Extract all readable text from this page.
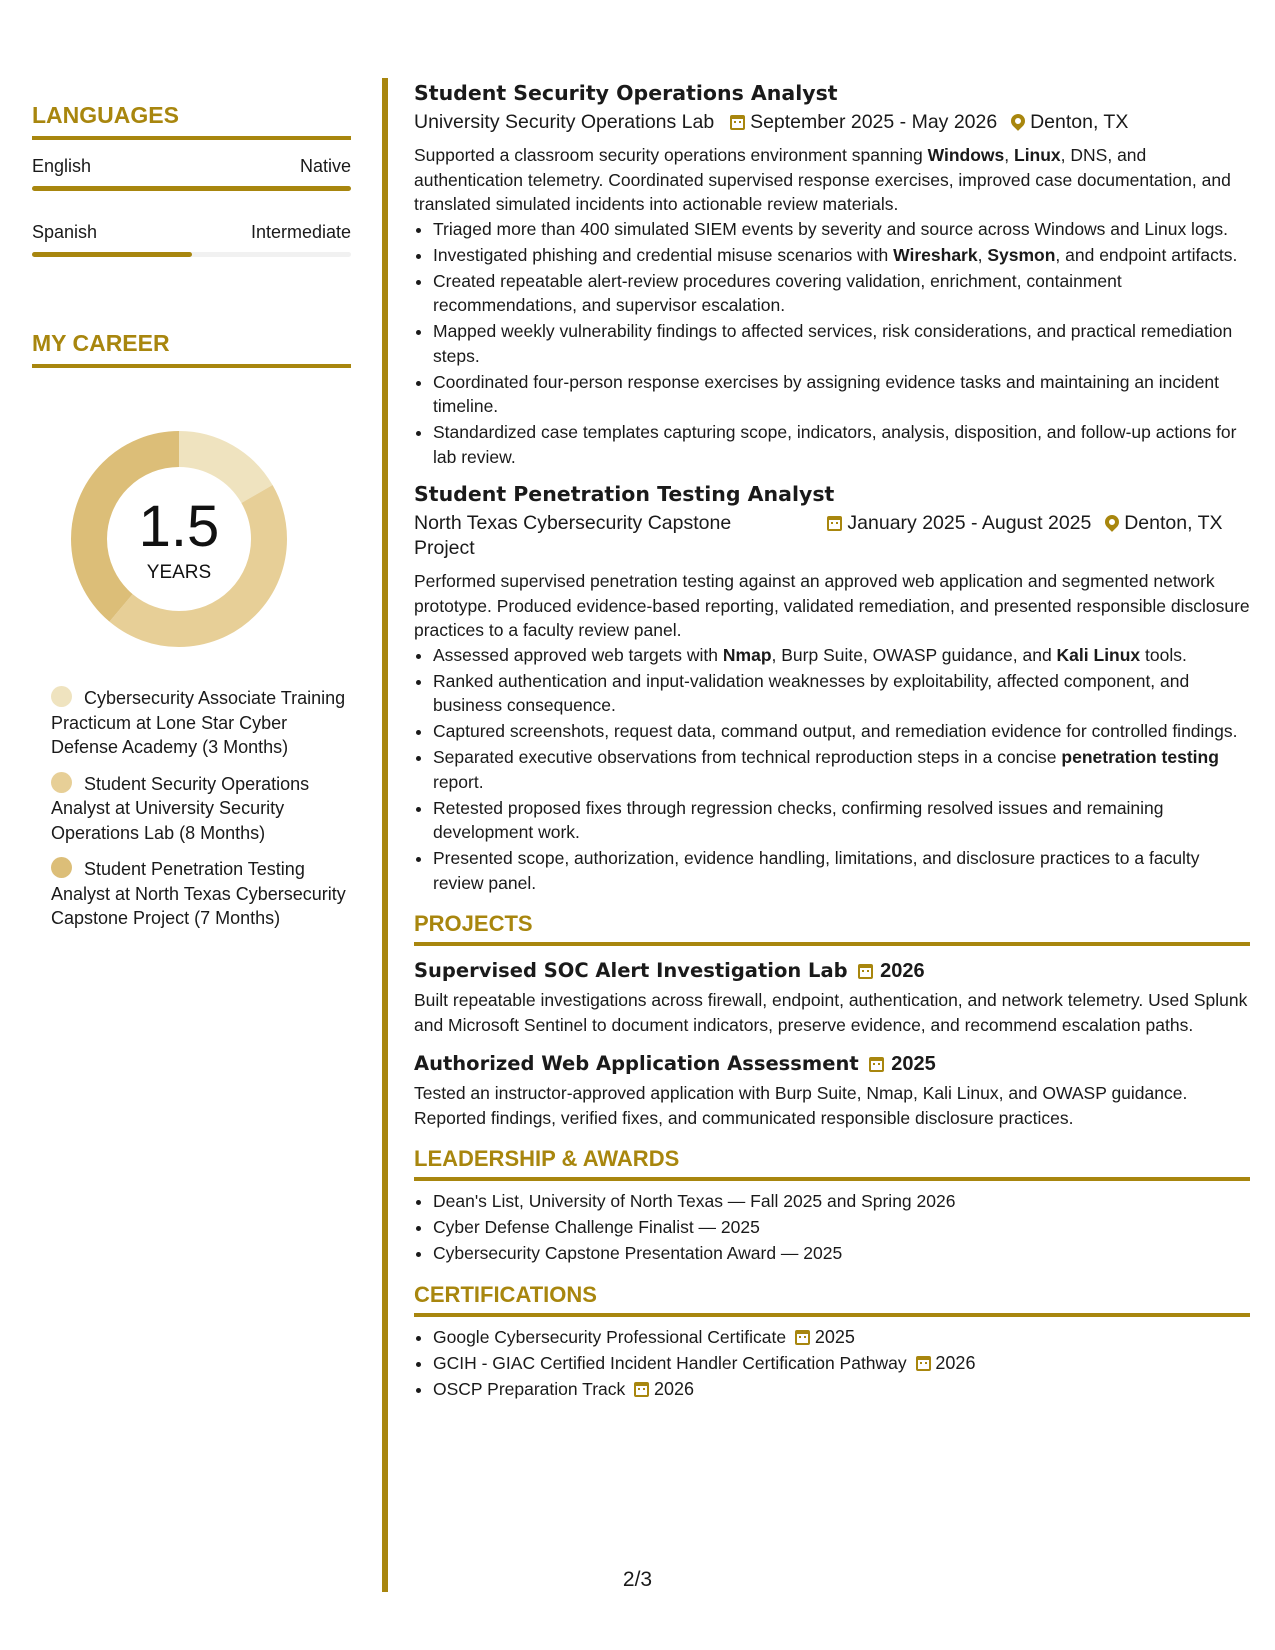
LANGUAGES
English	Native
Spanish	Intermediate
MY CAREER
1.5
YEARS
Cybersecurity Associate Training Practicum at Lone Star Cyber Defense Academy (3 Months)
Student Security Operations Analyst at University Security Operations Lab (8 Months)
Student Penetration Testing Analyst at North Texas Cybersecurity Capstone Project (7 Months)
Student Security Operations Analyst
University Security Operations Lab September 2025 - May 2026 Denton, TX

Supported a classroom security operations environment spanning Windows, Linux, DNS, and authentication telemetry. Coordinated supervised response exercises, improved case documentation, and translated simulated incidents into actionable review materials.

• Triaged more than 400 simulated SIEM events by severity and source across Windows and Linux logs.
• Investigated phishing and credential misuse scenarios with Wireshark, Sysmon, and endpoint artifacts.
• Created repeatable alert-review procedures covering validation, enrichment, containment recommendations, and supervisor escalation.
• Mapped weekly vulnerability findings to affected services, risk considerations, and practical remediation steps.
• Coordinated four-person response exercises by assigning evidence tasks and maintaining an incident timeline.
• Standardized case templates capturing scope, indicators, analysis, disposition, and follow-up actions for lab review.
Student Penetration Testing Analyst
North Texas Cybersecurity Capstone Project
January 2025 - August 2025 Denton, TX

Performed supervised penetration testing against an approved web application and segmented network prototype. Produced evidence-based reporting, validated remediation, and presented responsible disclosure practices to a faculty review panel.

• Assessed approved web targets with Nmap, Burp Suite, OWASP guidance, and Kali Linux tools.
• Ranked authentication and input-validation weaknesses by exploitability, affected component, and business consequence.
• Captured screenshots, request data, command output, and remediation evidence for controlled findings.
• Separated executive observations from technical reproduction steps in a concise penetration testing report.
• Retested proposed fixes through regression checks, confirming resolved issues and remaining development work.
• Presented scope, authorization, evidence handling, limitations, and disclosure practices to a faculty review panel.
PROJECTS
Supervised SOC Alert Investigation Lab 2026

Built repeatable investigations across firewall, endpoint, authentication, and network telemetry. Used Splunk and Microsoft Sentinel to document indicators, preserve evidence, and recommend escalation paths.

Authorized Web Application Assessment 2025

Tested an instructor-approved application with Burp Suite, Nmap, Kali Linux, and OWASP guidance. Reported findings, verified fixes, and communicated responsible disclosure practices.

LEADERSHIP & AWARDS
• Dean's List, University of North Texas — Fall 2025 and Spring 2026
• Cyber Defense Challenge Finalist — 2025
• Cybersecurity Capstone Presentation Award — 2025
CERTIFICATIONS
• Google Cybersecurity Professional Certificate 2025
• GCIH - GIAC Certified Incident Handler Certification Pathway 2026
• OSCP Preparation Track 2026
2/3
